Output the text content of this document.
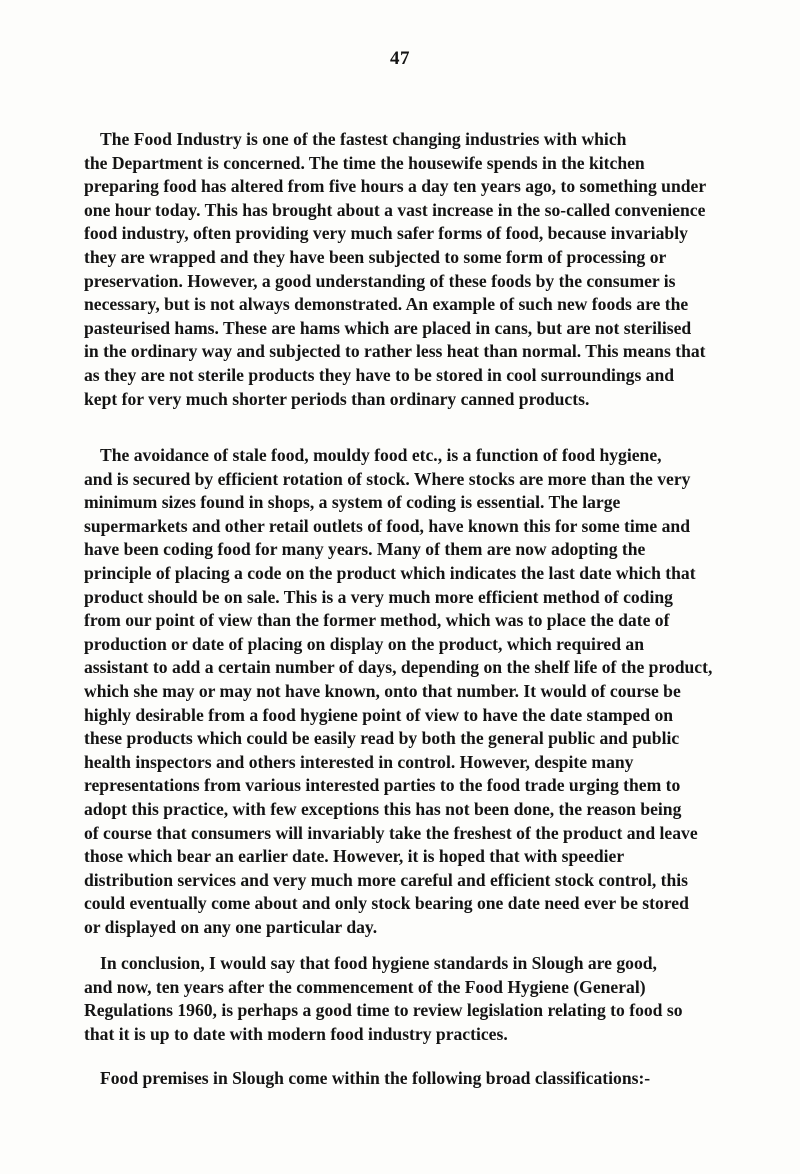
47
The Food Industry is one of the fastest changing industries with which
the Department is concerned. The time the housewife spends in the kitchen
preparing food has altered from five hours a day ten years ago, to something under
one hour today. This has brought about a vast increase in the so-called convenience
food industry, often providing very much safer forms of food, because invariably
they are wrapped and they have been subjected to some form of processing or
preservation. However, a good understanding of these foods by the consumer is
necessary, but is not always demonstrated. An example of such new foods are the
pasteurised hams. These are hams which are placed in cans, but are not sterilised
in the ordinary way and subjected to rather less heat than normal. This means that
as they are not sterile products they have to be stored in cool surroundings and
kept for very much shorter periods than ordinary canned products.
The avoidance of stale food, mouldy food etc., is a function of food hygiene,
and is secured by efficient rotation of stock. Where stocks are more than the very
minimum sizes found in shops, a system of coding is essential. The large
supermarkets and other retail outlets of food, have known this for some time and
have been coding food for many years. Many of them are now adopting the
principle of placing a code on the product which indicates the last date which that
product should be on sale. This is a very much more efficient method of coding
from our point of view than the former method, which was to place the date of
production or date of placing on display on the product, which required an
assistant to add a certain number of days, depending on the shelf life of the product,
which she may or may not have known, onto that number. It would of course be
highly desirable from a food hygiene point of view to have the date stamped on
these products which could be easily read by both the general public and public
health inspectors and others interested in control. However, despite many
representations from various interested parties to the food trade urging them to
adopt this practice, with few exceptions this has not been done, the reason being
of course that consumers will invariably take the freshest of the product and leave
those which bear an earlier date. However, it is hoped that with speedier
distribution services and very much more careful and efficient stock control, this
could eventually come about and only stock bearing one date need ever be stored
or displayed on any one particular day.
In conclusion, I would say that food hygiene standards in Slough are good,
and now, ten years after the commencement of the Food Hygiene (General)
Regulations 1960, is perhaps a good time to review legislation relating to food so
that it is up to date with modern food industry practices.
Food premises in Slough come within the following broad classifications:-
